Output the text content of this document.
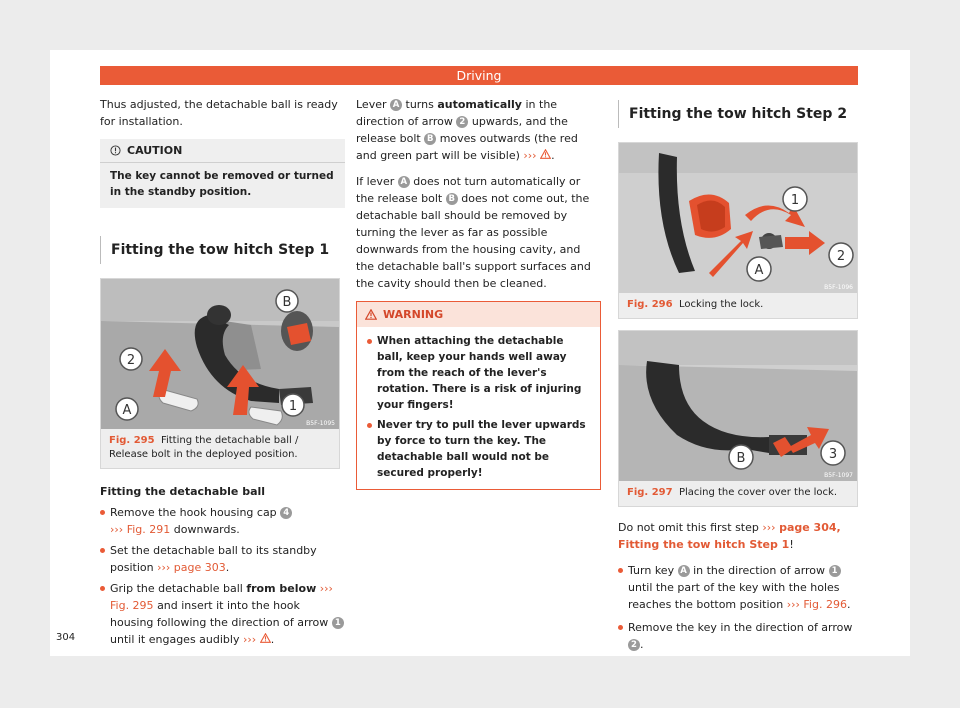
Driving

Thus adjusted, the detachable ball is ready for installation.

CAUTION
The key cannot be removed or turned in the standby position.
Fitting the tow hitch Step 1
2
A
B
1
B5F-1095
Fig. 295 Fitting the detachable ball / Release bolt in the deployed position.

Fitting the detachable ball

Remove the hook housing cap 4
››› Fig. 291 downwards.

Set the detachable ball to its standby position ››› page 303.

Grip the detachable ball from below ››› Fig. 295 and insert it into the hook housing following the direction of arrow 1 until it engages audibly ››› .

Lever A turns automatically in the direction of arrow 2 upwards, and the release bolt B moves outwards (the red and green part will be visible) ››› .

If lever A does not turn automatically or the release bolt B does not come out, the detachable ball should be removed by turning the lever as far as possible downwards from the housing cavity, and the detachable ball's support surfaces and the cavity should then be cleaned.

WARNING

When attaching the detachable ball, keep your hands well away from the reach of the lever's rotation. There is a risk of injuring your fingers!

Never try to pull the lever upwards by force to turn the key. The detachable ball would not be secured properly!

Fitting the tow hitch Step 2
1
2
A
B5F-1096
Fig. 296 Locking the lock.
B	3
B5F-1097
Fig. 297 Placing the cover over the lock.

Do not omit this first step ››› page 304, Fitting the tow hitch Step 1!

Turn key A in the direction of arrow 1 until the part of the key with the holes reaches the bottom position ››› Fig. 296.

Remove the key in the direction of arrow 2 .

304
